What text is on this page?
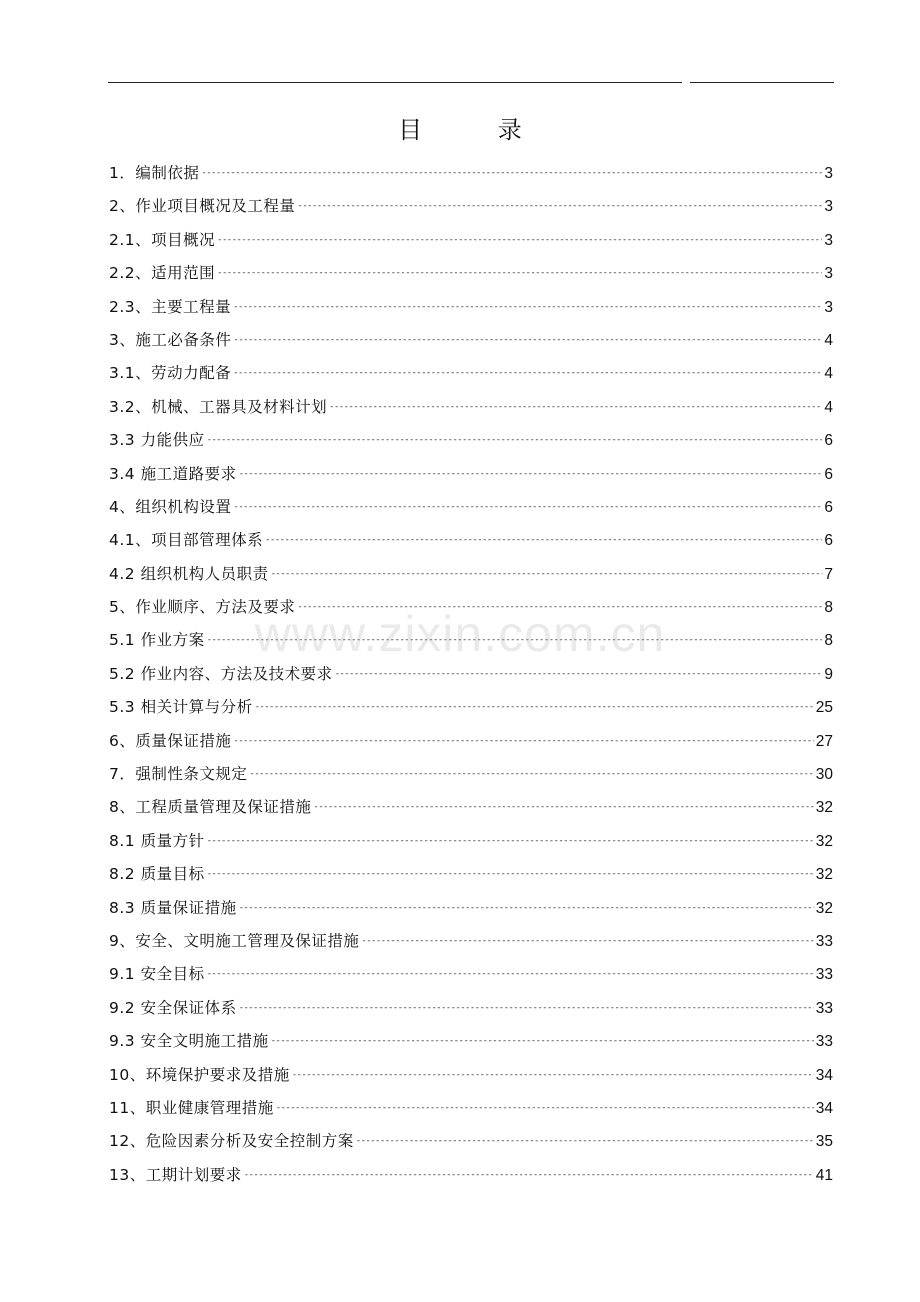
目 录
1．编制依据 -----	3
2、作业项目概况及工程量 -----	3
2.1、项目概况 -----	3
2.2、适用范围 -----	3
2.3、主要工程量 -----	3
3、施工必备条件 -----	4
3.1、劳动力配备 -----	4
3.2、机械、工器具及材料计划 -----	4
3.3 力能供应 -----	6
3.4 施工道路要求 -----	6
4、组织机构设置 -----	6
4.1、项目部管理体系 -----	6
4.2 组织机构人员职责 -----	7
5、作业顺序、方法及要求 -----	8
5.1 作业方案 -----	8
5.2 作业内容、方法及技术要求 -----	9
5.3 相关计算与分析 -----	25
6、质量保证措施 -----	27
7．强制性条文规定 -----	30
8、工程质量管理及保证措施 -----	32
8.1 质量方针 -----	32
8.2 质量目标 -----	32
8.3 质量保证措施 -----	32
9、安全、文明施工管理及保证措施 -----	33
9.1 安全目标 -----	33
9.2 安全保证体系 -----	33
9.3 安全文明施工措施 -----	33
10、环境保护要求及措施 -----	34
11、职业健康管理措施 -----	34
12、危险因素分析及安全控制方案 -----	35
13、工期计划要求 -----	41
www.zixin.com.cn
